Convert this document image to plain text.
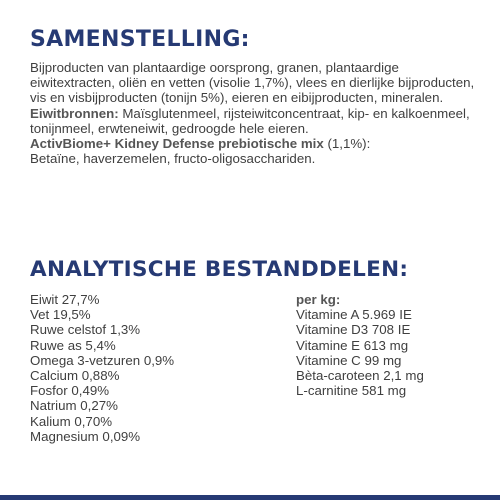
SAMENSTELLING:
Bijproducten van plantaardige oorsprong, granen, plantaardige eiwitextracten, oliën en vetten (visolie 1,7%), vlees en dierlijke bijproducten, vis en visbijproducten (tonijn 5%), eieren en eibijproducten, mineralen.
Eiwitbronnen: Maïsglutenmeel, rijsteiwitconcentraat, kip- en kalkoenmeel, tonijnmeel, erwteneiwit, gedroogde hele eieren.
ActivBiome+ Kidney Defense prebiotische mix (1,1%):
Betaïne, haverzemelen, fructo-oligosacchariden.
ANALYTISCHE BESTANDDELEN:
Eiwit 27,7%
Vet 19,5%
Ruwe celstof 1,3%
Ruwe as 5,4%
Omega 3-vetzuren 0,9%
Calcium 0,88%
Fosfor 0,49%
Natrium 0,27%
Kalium 0,70%
Magnesium 0,09%
per kg:
Vitamine A 5.969 IE
Vitamine D3 708 IE
Vitamine E 613 mg
Vitamine C 99 mg
Bèta-caroteen 2,1 mg
L-carnitine 581 mg
